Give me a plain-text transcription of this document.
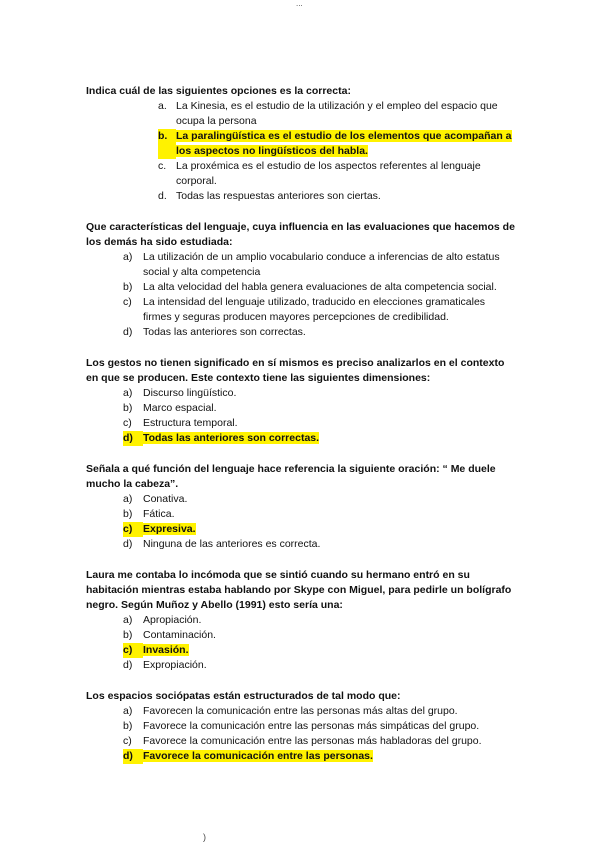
...

Indica cuál de las siguientes opciones es la correcta:

a. La Kinesia, es el estudio de la utilización y el empleo del espacio que ocupa la persona
b. La paralingüística es el estudio de los elementos que acompañan a los aspectos no lingüísticos del habla.
c. La proxémica es el estudio de los aspectos referentes al lenguaje corporal.
d. Todas las respuestas anteriores son ciertas.

Que características del lenguaje, cuya influencia en las evaluaciones que hacemos de los demás ha sido estudiada:

a)	La utilización de un amplio vocabulario conduce a inferencias de alto estatus social y alta competencia
b)	La alta velocidad del habla genera evaluaciones de alta competencia social.
c)	La intensidad del lenguaje utilizado, traducido en elecciones gramaticales firmes y seguras producen mayores percepciones de credibilidad.
d)	Todas las anteriores son correctas.

Los gestos no tienen significado en sí mismos es preciso analizarlos en el contexto en que se producen. Este contexto tiene las siguientes dimensiones:

a)	Discurso lingüístico.
b)	Marco espacial.
c)	Estructura temporal.
d) Todas las anteriores son correctas.

Señala a qué función del lenguaje hace referencia la siguiente oración: “ Me duele mucho la cabeza”.

a)	Conativa.
b)	Fática.
c)	Expresiva.
d)	Ninguna de las anteriores es correcta.

Laura me contaba lo incómoda que se sintió cuando su hermano entró en su habitación mientras estaba hablando por Skype con Miguel, para pedirle un bolígrafo negro. Según Muñoz y Abello (1991) esto sería una:

a)	Apropiación.
b)	Contaminación.
c)	Invasión.
d)	Expropiación.

Los espacios sociópatas están estructurados de tal modo que:

a)	Favorecen la comunicación entre las personas más altas del grupo.
b)	Favorece la comunicación entre las personas más simpáticas del grupo.
c)	Favorece la comunicación entre las personas más habladoras del grupo.
d) Favorece la comunicación entre las personas.
)
